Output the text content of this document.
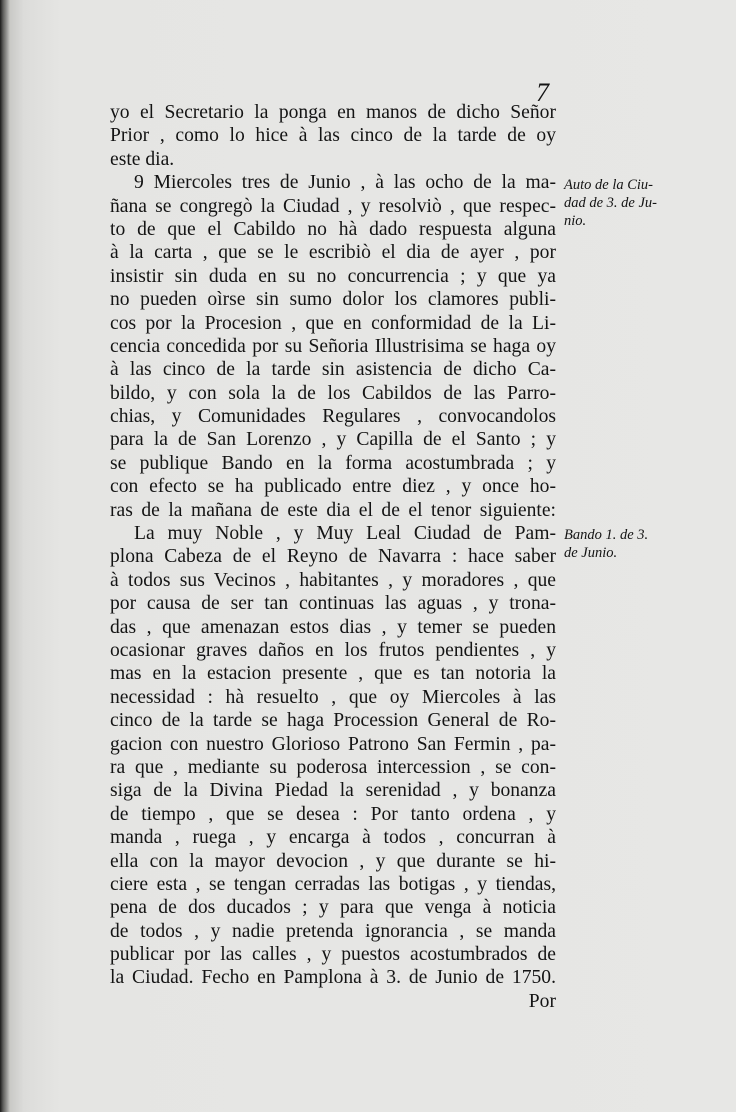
7
yo el Secretario la ponga en manos de dicho Señor
Prior , como lo hice à las cinco de la tarde de oy
este dia.
9 Miercoles tres de Junio , à las ocho de la ma-
ñana se congregò la Ciudad , y resolviò , que respec-
to de que el Cabildo no hà dado respuesta alguna
à la carta , que se le escribiò el dia de ayer , por
insistir sin duda en su no concurrencia ; y que ya
no pueden oìrse sin sumo dolor los clamores publi-
cos por la Procesion , que en conformidad de la Li-
cencia concedida por su Señoria Illustrisima se haga oy
à las cinco de la tarde sin asistencia de dicho Ca-
bildo, y con sola la de los Cabildos de las Parro-
chias, y Comunidades Regulares , convocandolos
para la de San Lorenzo , y Capilla de el Santo ; y
se publique Bando en la forma acostumbrada ; y
con efecto se ha publicado entre diez , y once ho-
ras de la mañana de este dia el de el tenor siguiente:
La muy Noble , y Muy Leal Ciudad de Pam-
plona Cabeza de el Reyno de Navarra : hace saber
à todos sus Vecinos , habitantes , y moradores , que
por causa de ser tan continuas las aguas , y trona-
das , que amenazan estos dias , y temer se pueden
ocasionar graves daños en los frutos pendientes , y
mas en la estacion presente , que es tan notoria la
necessidad : hà resuelto , que oy Miercoles à las
cinco de la tarde se haga Procession General de Ro-
gacion con nuestro Glorioso Patrono San Fermin , pa-
ra que , mediante su poderosa intercession , se con-
siga de la Divina Piedad la serenidad , y bonanza
de tiempo , que se desea : Por tanto ordena , y
manda , ruega , y encarga à todos , concurran à
ella con la mayor devocion , y que durante se hi-
ciere esta , se tengan cerradas las botigas , y tiendas,
pena de dos ducados ; y para que venga à noticia
de todos , y nadie pretenda ignorancia , se manda
publicar por las calles , y puestos acostumbrados de
la Ciudad. Fecho en Pamplona à 3. de Junio de 1750.
Por
Auto de la Ciu-
dad de 3. de Ju-
nio.
Bando 1. de 3.
de Junio.
